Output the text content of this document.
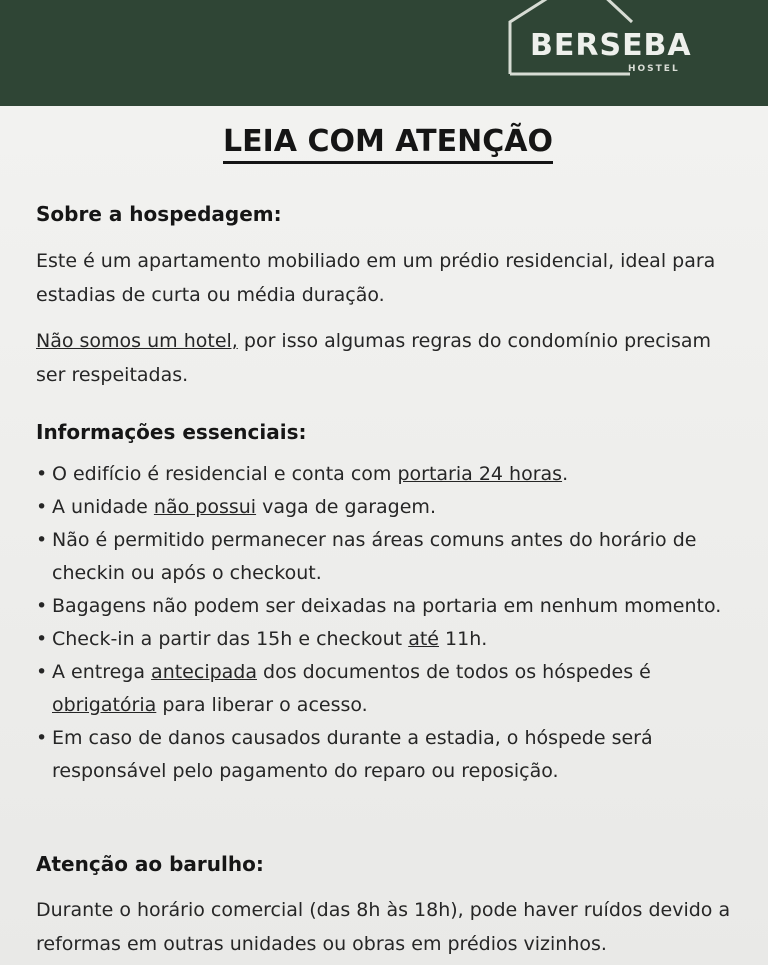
BERSEBA
HOSTEL
LEIA COM ATENÇÃO
Sobre a hospedagem:

Este é um apartamento mobiliado em um prédio residencial, ideal para estadias de curta ou média duração.

Não somos um hotel, por isso algumas regras do condomínio precisam ser respeitadas.

Informações essenciais:
• O edifício é residencial e conta com portaria 24 horas.
• A unidade não possui vaga de garagem.
• Não é permitido permanecer nas áreas comuns antes do horário de checkin ou após o checkout.
• Bagagens não podem ser deixadas na portaria em nenhum momento.
• Check-in a partir das 15h e checkout até 11h.
• A entrega antecipada dos documentos de todos os hóspedes é obrigatória para liberar o acesso.
• Em caso de danos causados durante a estadia, o hóspede será responsável pelo pagamento do reparo ou reposição.
Atenção ao barulho:

Durante o horário comercial (das 8h às 18h), pode haver ruídos devido a reformas em outras unidades ou obras em prédios vizinhos.
